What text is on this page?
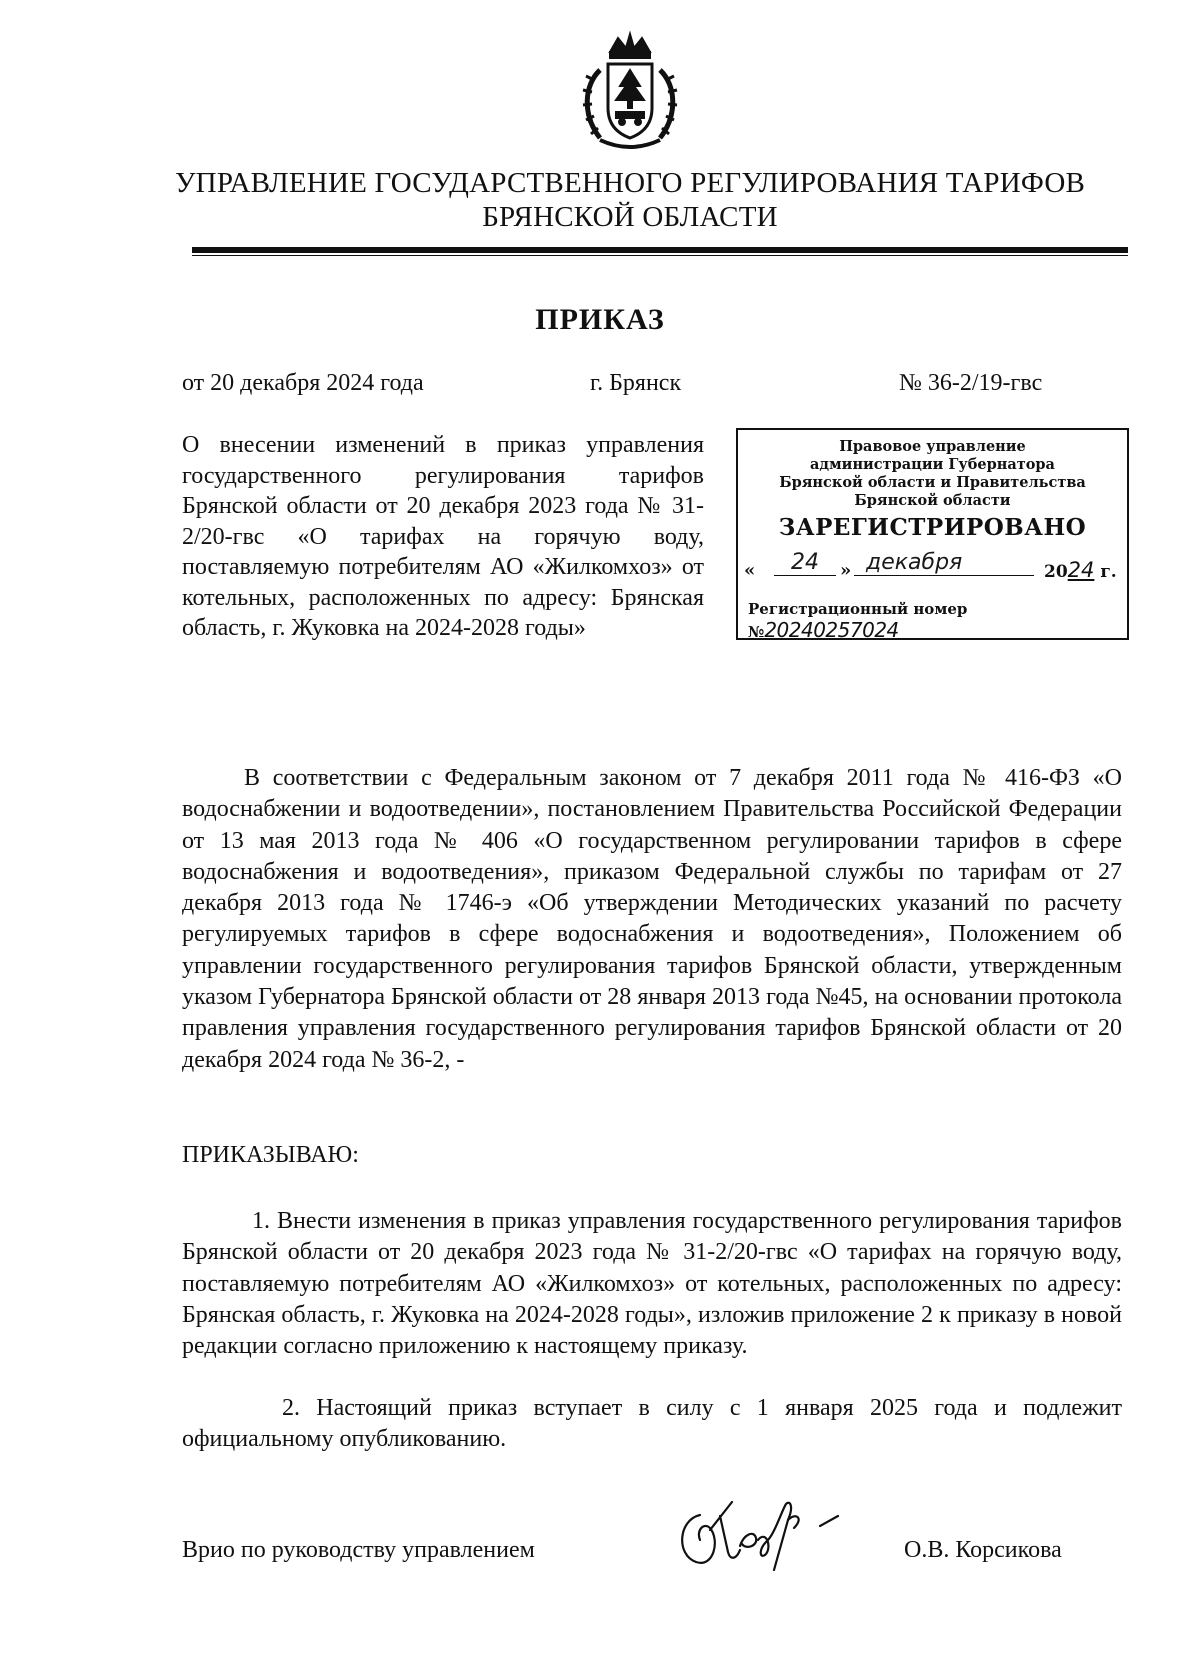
УПРАВЛЕНИЕ ГОСУДАРСТВЕННОГО РЕГУЛИРОВАНИЯ ТАРИФОВ
БРЯНСКОЙ ОБЛАСТИ
ПРИКАЗ
от 20 декабря 2024 года	г. Брянск	№ 36-2/19-гвс
О внесении изменений в приказ управления государственного регулирования тарифов Брянской области от 20 декабря 2023 года № 31-2/20-гвс «О тарифах на горячую воду, поставляемую потребителям АО «Жилкомхоз» от котельных, расположенных по адресу: Брянская область, г. Жуковка на 2024-2028 годы»
Правовое управление
администрации Губернатора
Брянской области и Правительства
Брянской области
ЗАРЕГИСТРИРОВАНО
«	24	» декабря	2024 г.
Регистрационный номер №20240257024
В соответствии с Федеральным законом от 7 декабря 2011 года № 416-ФЗ «О водоснабжении и водоотведении», постановлением Правительства Российской Федерации от 13 мая 2013 года № 406 «О государственном регулировании тарифов в сфере водоснабжения и водоотведения», приказом Федеральной службы по тарифам от 27 декабря 2013 года № 1746-э «Об утверждении Методических указаний по расчету регулируемых тарифов в сфере водоснабжения и водоотведения», Положением об управлении государственного регулирования тарифов Брянской области, утвержденным указом Губернатора Брянской области от 28 января 2013 года №45, на основании протокола правления управления государственного регулирования тарифов Брянской области от 20 декабря 2024 года № 36-2, -
ПРИКАЗЫВАЮ:
1. Внести изменения в приказ управления государственного регулирования тарифов Брянской области от 20 декабря 2023 года № 31-2/20-гвс «О тарифах на горячую воду, поставляемую потребителям АО «Жилкомхоз» от котельных, расположенных по адресу: Брянская область, г. Жуковка на 2024-2028 годы», изложив приложение 2 к приказу в новой редакции согласно приложению к настоящему приказу.
2. Настоящий приказ вступает в силу с 1 января 2025 года и подлежит официальному опубликованию.
Врио по руководству управлением	О.В. Корсикова
